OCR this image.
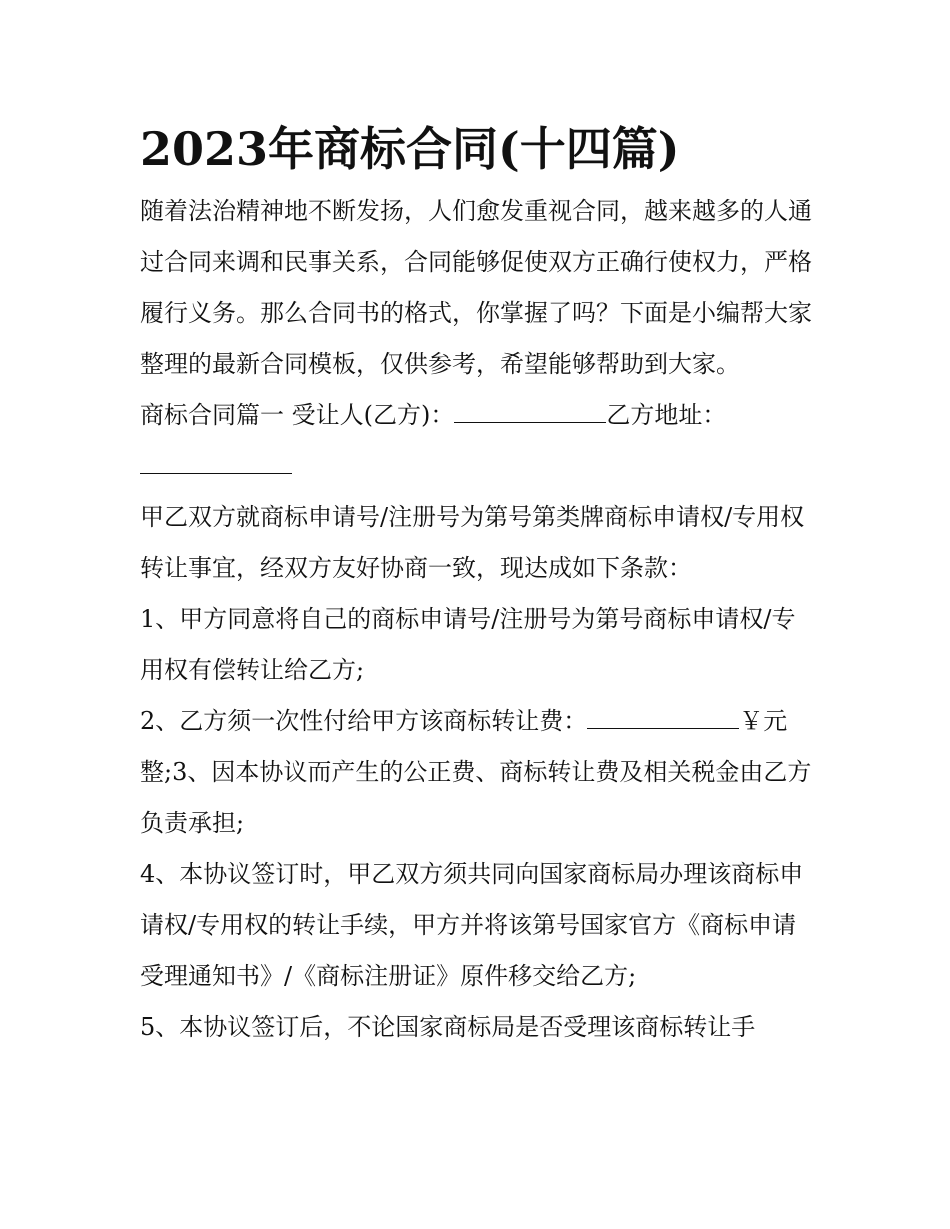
2023年商标合同(十四篇)

随着法治精神地不断发扬，人们愈发重视合同，越来越多的人通过合同来调和民事关系，合同能够促使双方正确行使权力，严格履行义务。那么合同书的格式，你掌握了吗？下面是小编帮大家整理的最新合同模板，仅供参考，希望能够帮助到大家。

商标合同篇一 受让人(乙方)：	乙方地址：

甲乙双方就商标申请号/注册号为第号第类牌商标申请权/专用权转让事宜，经双方友好协商一致，现达成如下条款：

1、甲方同意将自己的商标申请号/注册号为第号商标申请权/专用权有偿转让给乙方;

2、乙方须一次性付给甲方该商标转让费：	￥元整;3、因本协议而产生的公正费、商标转让费及相关税金由乙方负责承担;

4、本协议签订时，甲乙双方须共同向国家商标局办理该商标申请权/专用权的转让手续，甲方并将该第号国家官方《商标申请受理通知书》/《商标注册证》原件移交给乙方;

5、本协议签订后，不论国家商标局是否受理该商标转让手
